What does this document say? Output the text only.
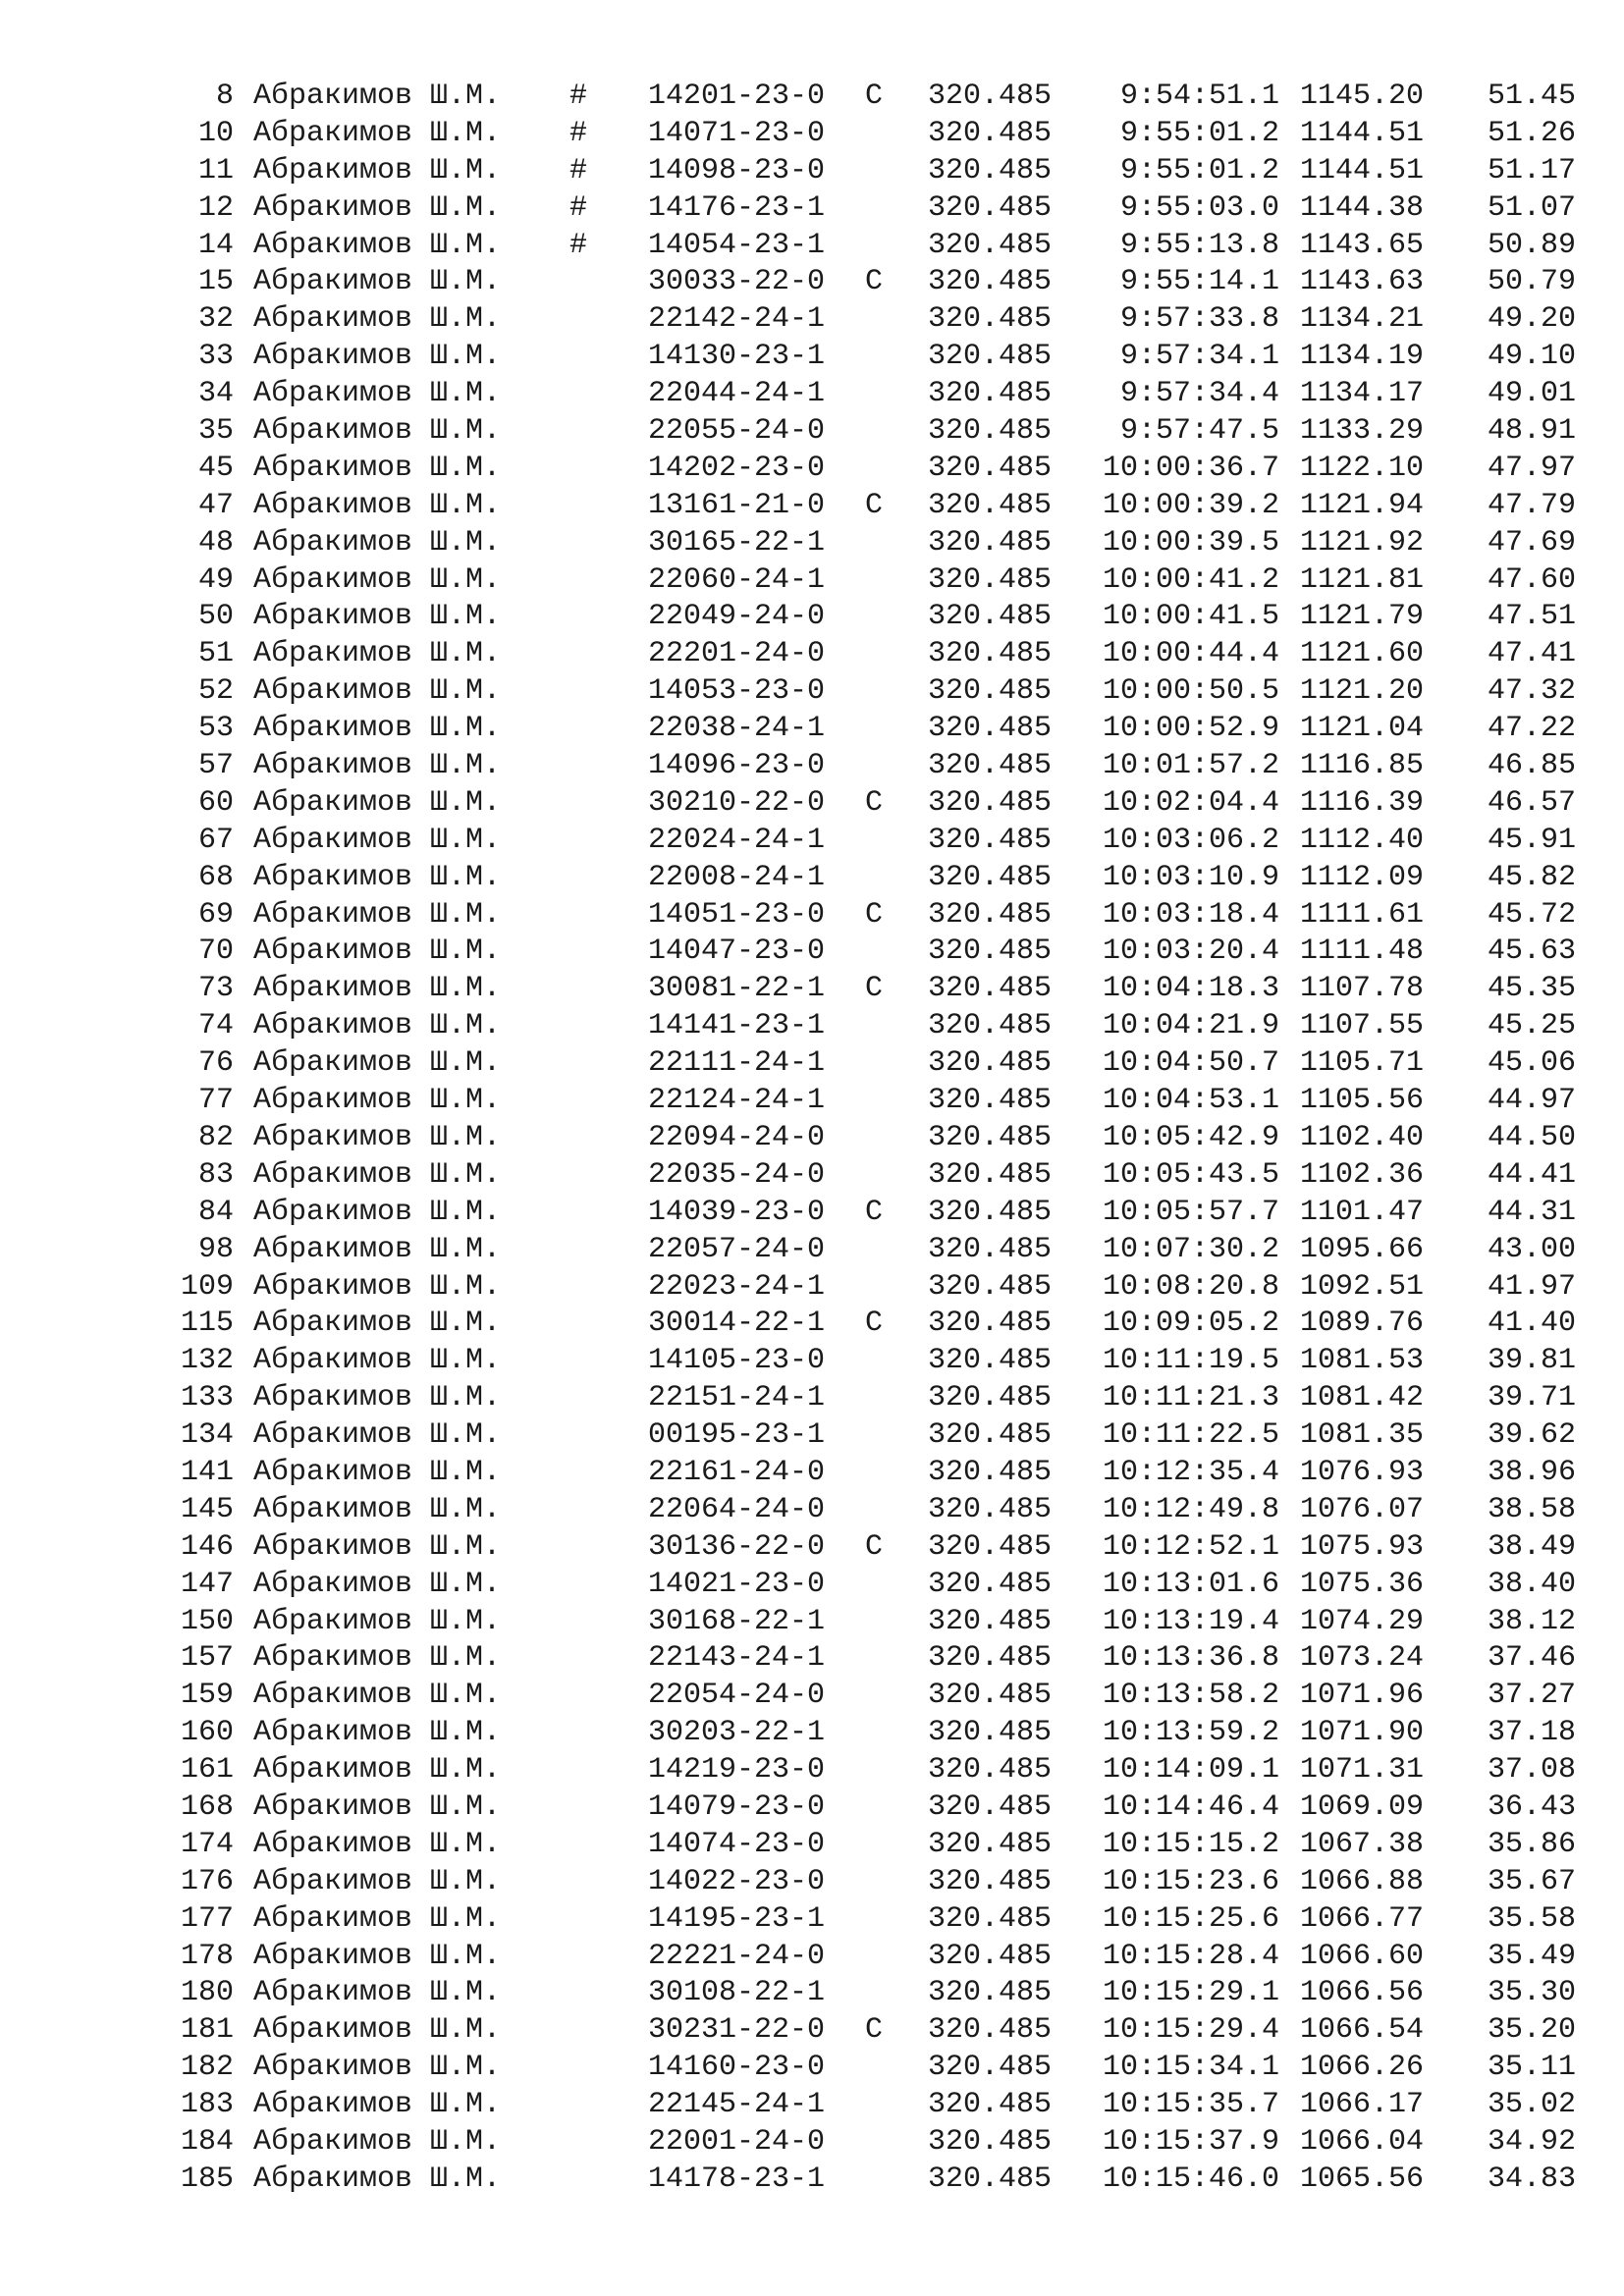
8 Абракимов Ш.М. # 14201-23-0 C 320.485	9:54:51.1 1145.20	51.45
10 Абракимов Ш.М. # 14071-23-0	320.485	9:55:01.2 1144.51	51.26
11 Абракимов Ш.М. # 14098-23-0	320.485	9:55:01.2 1144.51	51.17
12 Абракимов Ш.М. # 14176-23-1	320.485	9:55:03.0 1144.38	51.07
14 Абракимов Ш.М. # 14054-23-1	320.485	9:55:13.8 1143.65	50.89
15 Абракимов Ш.М.	30033-22-0 C 320.485	9:55:14.1 1143.63	50.79
32 Абракимов Ш.М.	22142-24-1	320.485	9:57:33.8 1134.21	49.20
33 Абракимов Ш.М.	14130-23-1	320.485	9:57:34.1 1134.19	49.10
34 Абракимов Ш.М.	22044-24-1	320.485	9:57:34.4 1134.17	49.01
35 Абракимов Ш.М.	22055-24-0	320.485	9:57:47.5 1133.29	48.91
45 Абракимов Ш.М.	14202-23-0	320.485	10:00:36.7 1122.10	47.97
47 Абракимов Ш.М.	13161-21-0 C 320.485	10:00:39.2 1121.94	47.79
48 Абракимов Ш.М.	30165-22-1	320.485	10:00:39.5 1121.92	47.69
49 Абракимов Ш.М.	22060-24-1	320.485	10:00:41.2 1121.81	47.60
50 Абракимов Ш.М.	22049-24-0	320.485	10:00:41.5 1121.79	47.51
51 Абракимов Ш.М.	22201-24-0	320.485	10:00:44.4 1121.60	47.41
52 Абракимов Ш.М.	14053-23-0	320.485	10:00:50.5 1121.20	47.32
53 Абракимов Ш.М.	22038-24-1	320.485	10:00:52.9 1121.04	47.22
57 Абракимов Ш.М.	14096-23-0	320.485	10:01:57.2 1116.85	46.85
60 Абракимов Ш.М.	30210-22-0 C 320.485	10:02:04.4 1116.39	46.57
67 Абракимов Ш.М.	22024-24-1	320.485	10:03:06.2 1112.40	45.91
68 Абракимов Ш.М.	22008-24-1	320.485	10:03:10.9 1112.09	45.82
69 Абракимов Ш.М.	14051-23-0 C 320.485	10:03:18.4 1111.61	45.72
70 Абракимов Ш.М.	14047-23-0	320.485	10:03:20.4 1111.48	45.63
73 Абракимов Ш.М.	30081-22-1 C 320.485	10:04:18.3 1107.78	45.35
74 Абракимов Ш.М.	14141-23-1	320.485	10:04:21.9 1107.55	45.25
76 Абракимов Ш.М.	22111-24-1	320.485	10:04:50.7 1105.71	45.06
77 Абракимов Ш.М.	22124-24-1	320.485	10:04:53.1 1105.56	44.97
82 Абракимов Ш.М.	22094-24-0	320.485	10:05:42.9 1102.40	44.50
83 Абракимов Ш.М.	22035-24-0	320.485	10:05:43.5 1102.36	44.41
84 Абракимов Ш.М.	14039-23-0 C 320.485	10:05:57.7 1101.47	44.31
98 Абракимов Ш.М.	22057-24-0	320.485	10:07:30.2 1095.66	43.00
109 Абракимов Ш.М.	22023-24-1	320.485	10:08:20.8 1092.51	41.97
115 Абракимов Ш.М.	30014-22-1 C 320.485	10:09:05.2 1089.76	41.40
132 Абракимов Ш.М.	14105-23-0	320.485	10:11:19.5 1081.53	39.81
133 Абракимов Ш.М.	22151-24-1	320.485	10:11:21.3 1081.42	39.71
134 Абракимов Ш.М.	00195-23-1	320.485	10:11:22.5 1081.35	39.62
141 Абракимов Ш.М.	22161-24-0	320.485	10:12:35.4 1076.93	38.96
145 Абракимов Ш.М.	22064-24-0	320.485	10:12:49.8 1076.07	38.58
146 Абракимов Ш.М.	30136-22-0 C 320.485	10:12:52.1 1075.93	38.49
147 Абракимов Ш.М.	14021-23-0	320.485	10:13:01.6 1075.36	38.40
150 Абракимов Ш.М.	30168-22-1	320.485	10:13:19.4 1074.29	38.12
157 Абракимов Ш.М.	22143-24-1	320.485	10:13:36.8 1073.24	37.46
159 Абракимов Ш.М.	22054-24-0	320.485	10:13:58.2 1071.96	37.27
160 Абракимов Ш.М.	30203-22-1	320.485	10:13:59.2 1071.90	37.18
161 Абракимов Ш.М.	14219-23-0	320.485	10:14:09.1 1071.31	37.08
168 Абракимов Ш.М.	14079-23-0	320.485	10:14:46.4 1069.09	36.43
174 Абракимов Ш.М.	14074-23-0	320.485	10:15:15.2 1067.38	35.86
176 Абракимов Ш.М.	14022-23-0	320.485	10:15:23.6 1066.88	35.67
177 Абракимов Ш.М.	14195-23-1	320.485	10:15:25.6 1066.77	35.58
178 Абракимов Ш.М.	22221-24-0	320.485	10:15:28.4 1066.60	35.49
180 Абракимов Ш.М.	30108-22-1	320.485	10:15:29.1 1066.56	35.30
181 Абракимов Ш.М.	30231-22-0 C 320.485	10:15:29.4 1066.54	35.20
182 Абракимов Ш.М.	14160-23-0	320.485	10:15:34.1 1066.26	35.11
183 Абракимов Ш.М.	22145-24-1	320.485	10:15:35.7 1066.17	35.02
184 Абракимов Ш.М.	22001-24-0	320.485	10:15:37.9 1066.04	34.92
185 Абракимов Ш.М.	14178-23-1	320.485	10:15:46.0 1065.56	34.83
